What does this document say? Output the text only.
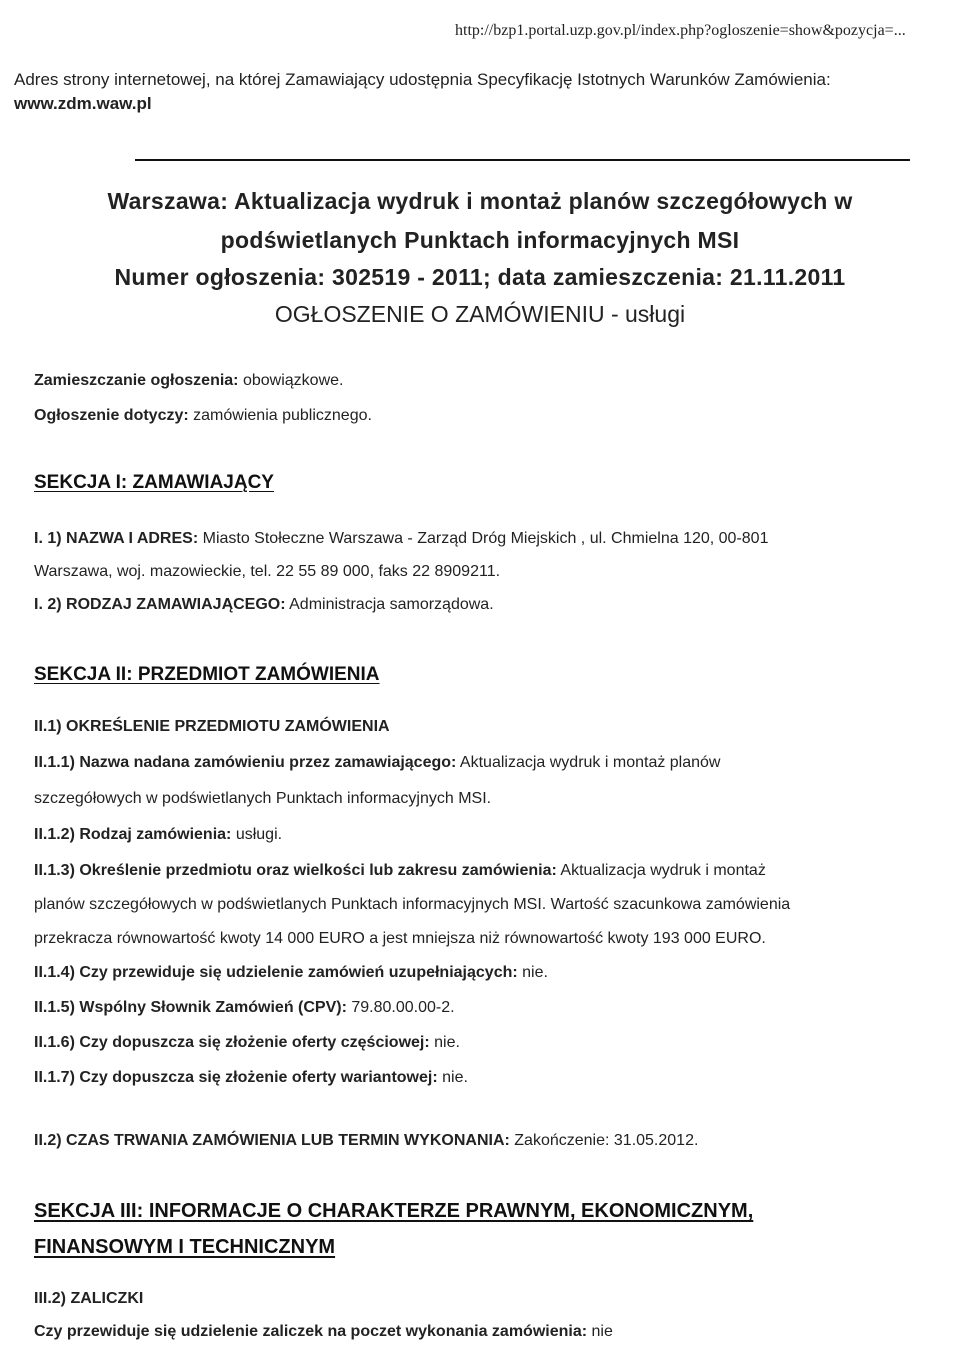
http://bzp1.portal.uzp.gov.pl/index.php?ogloszenie=show&pozycja=...
Adres strony internetowej, na której Zamawiający udostępnia Specyfikację Istotnych Warunków Zamówienia:
www.zdm.waw.pl
Warszawa: Aktualizacja wydruk i montaż planów szczegółowych w
podświetlanych Punktach informacyjnych MSI
Numer ogłoszenia: 302519 - 2011; data zamieszczenia: 21.11.2011
OGŁOSZENIE O ZAMÓWIENIU - usługi
Zamieszczanie ogłoszenia: obowiązkowe.
Ogłoszenie dotyczy: zamówienia publicznego.
SEKCJA I: ZAMAWIAJĄCY
I. 1) NAZWA I ADRES: Miasto Stołeczne Warszawa - Zarząd Dróg Miejskich , ul. Chmielna 120, 00-801
Warszawa, woj. mazowieckie, tel. 22 55 89 000, faks 22 8909211.
I. 2) RODZAJ ZAMAWIAJĄCEGO: Administracja samorządowa.
SEKCJA II: PRZEDMIOT ZAMÓWIENIA
II.1) OKREŚLENIE PRZEDMIOTU ZAMÓWIENIA
II.1.1) Nazwa nadana zamówieniu przez zamawiającego: Aktualizacja wydruk i montaż planów
szczegółowych w podświetlanych Punktach informacyjnych MSI.
II.1.2) Rodzaj zamówienia: usługi.
II.1.3) Określenie przedmiotu oraz wielkości lub zakresu zamówienia: Aktualizacja wydruk i montaż
planów szczegółowych w podświetlanych Punktach informacyjnych MSI. Wartość szacunkowa zamówienia
przekracza równowartość kwoty 14 000 EURO a jest mniejsza niż równowartość kwoty 193 000 EURO.
II.1.4) Czy przewiduje się udzielenie zamówień uzupełniających: nie.
II.1.5) Wspólny Słownik Zamówień (CPV): 79.80.00.00-2.
II.1.6) Czy dopuszcza się złożenie oferty częściowej: nie.
II.1.7) Czy dopuszcza się złożenie oferty wariantowej: nie.
II.2) CZAS TRWANIA ZAMÓWIENIA LUB TERMIN WYKONANIA: Zakończenie: 31.05.2012.
SEKCJA III: INFORMACJE O CHARAKTERZE PRAWNYM, EKONOMICZNYM,
FINANSOWYM I TECHNICZNYM
III.2) ZALICZKI
Czy przewiduje się udzielenie zaliczek na poczet wykonania zamówienia: nie
